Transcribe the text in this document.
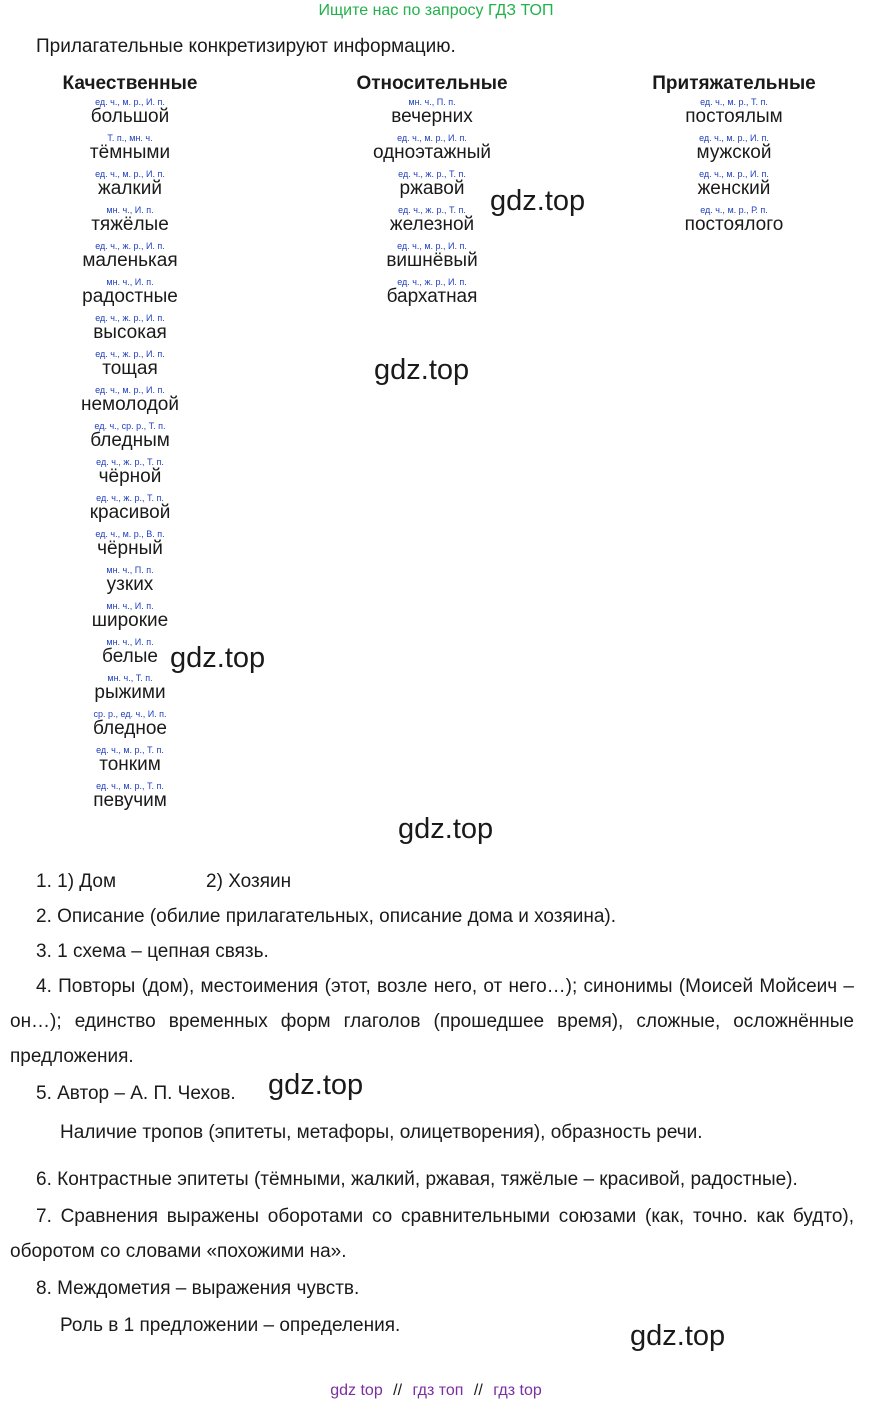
Ищите нас по запросу ГДЗ ТОП
Прилагательные конкретизируют информацию.
Качественные
ед. ч., м. р., И. п.
большой
Т. п., мн. ч.
тёмными
ед. ч., м. р., И. п.
жалкий
мн. ч., И. п.
тяжёлые
ед. ч., ж. р., И. п.
маленькая
мн. ч., И. п.
радостные
ед. ч., ж. р., И. п.
высокая
ед. ч., ж. р., И. п.
тощая
ед. ч., м. р., И. п.
немолодой
ед. ч., ср. р., Т. п.
бледным
ед. ч., ж. р., Т. п.
чёрной
ед. ч., ж. р., Т. п.
красивой
ед. ч., м. р., В. п.
чёрный
мн. ч., П. п.
узких
мн. ч., И. п.
широкие
мн. ч., И. п.
белые
мн. ч., Т. п.
рыжими
ср. р., ед. ч., И. п.
бледное
ед. ч., м. р., Т. п.
тонким
ед. ч., м. р., Т. п.
певучим
Относительные
мн. ч., П. п.
вечерних
ед. ч., м. р., И. п.
одноэтажный
ед. ч., ж. р., Т. п.
ржавой
ед. ч., ж. р., Т. п.
железной
ед. ч., м. р., И. п.
вишнёвый
ед. ч., ж. р., И. п.
бархатная
Притяжательные
ед. ч., м. р., Т. п.
постоялым
ед. ч., м. р., И. п.
мужской
ед. ч., м. р., И. п.
женский
ед. ч., м. р., Р. п.
постоялого
gdz.top
gdz.top
gdz.top
gdz.top
gdz.top
gdz.top

1. 1) Дом	2) Хозяин

2. Описание (обилие прилагательных, описание дома и хозяина).

3. 1 схема – цепная связь.

4. Повторы (дом), местоимения (этот, возле него, от него…); синонимы (Моисей Мойсеич – он…); единство временных форм глаголов (прошедшее время), сложные, осложнённые предложения.

5. Автор – А. П. Чехов.

Наличие тропов (эпитеты, метафоры, олицетворения), образность речи.

6. Контрастные эпитеты (тёмными, жалкий, ржавая, тяжёлые – красивой, радостные).

7. Сравнения выражены оборотами со сравнительными союзами (как, точно. как будто), оборотом со словами «похожими на».

8. Междометия – выражения чувств.

Роль в 1 предложении – определения.

gdz top // гдз топ // гдз top
